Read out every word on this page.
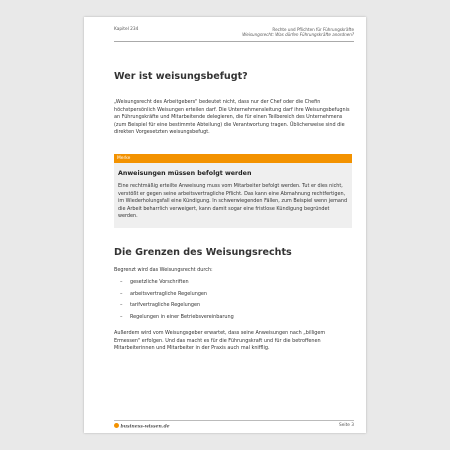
Kapitel 234	Rechte und Pflichten für Führungskräfte
Weisungsrecht: Was dürfen Führungskräfte anordnen?
Wer ist weisungsbefugt?

„Weisungsrecht des Arbeitgebers" bedeutet nicht, dass nur der Chef oder die Chefin höchstpersönlich Weisungen erteilen darf. Die Unternehmensleitung darf ihre Weisungsbefugnis an Führungskräfte und Mitarbeitende delegieren, die für einen Teilbereich des Unternehmens (zum Beispiel für eine bestimmte Abteilung) die Verantwortung tragen. Üblicherweise sind die direkten Vorgesetzten weisungsbefugt.

Merke
Anweisungen müssen befolgt werden

Eine rechtmäßig erteilte Anweisung muss vom Mitarbeiter befolgt werden. Tut er dies nicht, verstößt er gegen seine arbeitsvertragliche Pflicht. Das kann eine Abmahnung rechtfertigen, im Wiederholungsfall eine Kündigung. In schwerwiegenden Fällen, zum Beispiel wenn jemand die Arbeit beharrlich verweigert, kann damit sogar eine fristlose Kündigung begründet werden.

Die Grenzen des Weisungsrechts

Begrenzt wird das Weisungsrecht durch:

– gesetzliche Vorschriften
– arbeitsvertragliche Regelungen
– tarifvertragliche Regelungen
– Regelungen in einer Betriebsvereinbarung

Außerdem wird vom Weisungsgeber erwartet, dass seine Anweisungen nach „billigem Ermessen" erfolgen. Und das macht es für die Führungskraft und für die betroffenen Mitarbeiterinnen und Mitarbeiter in der Praxis auch mal knifflig.

business-wissen.de	Seite 3
